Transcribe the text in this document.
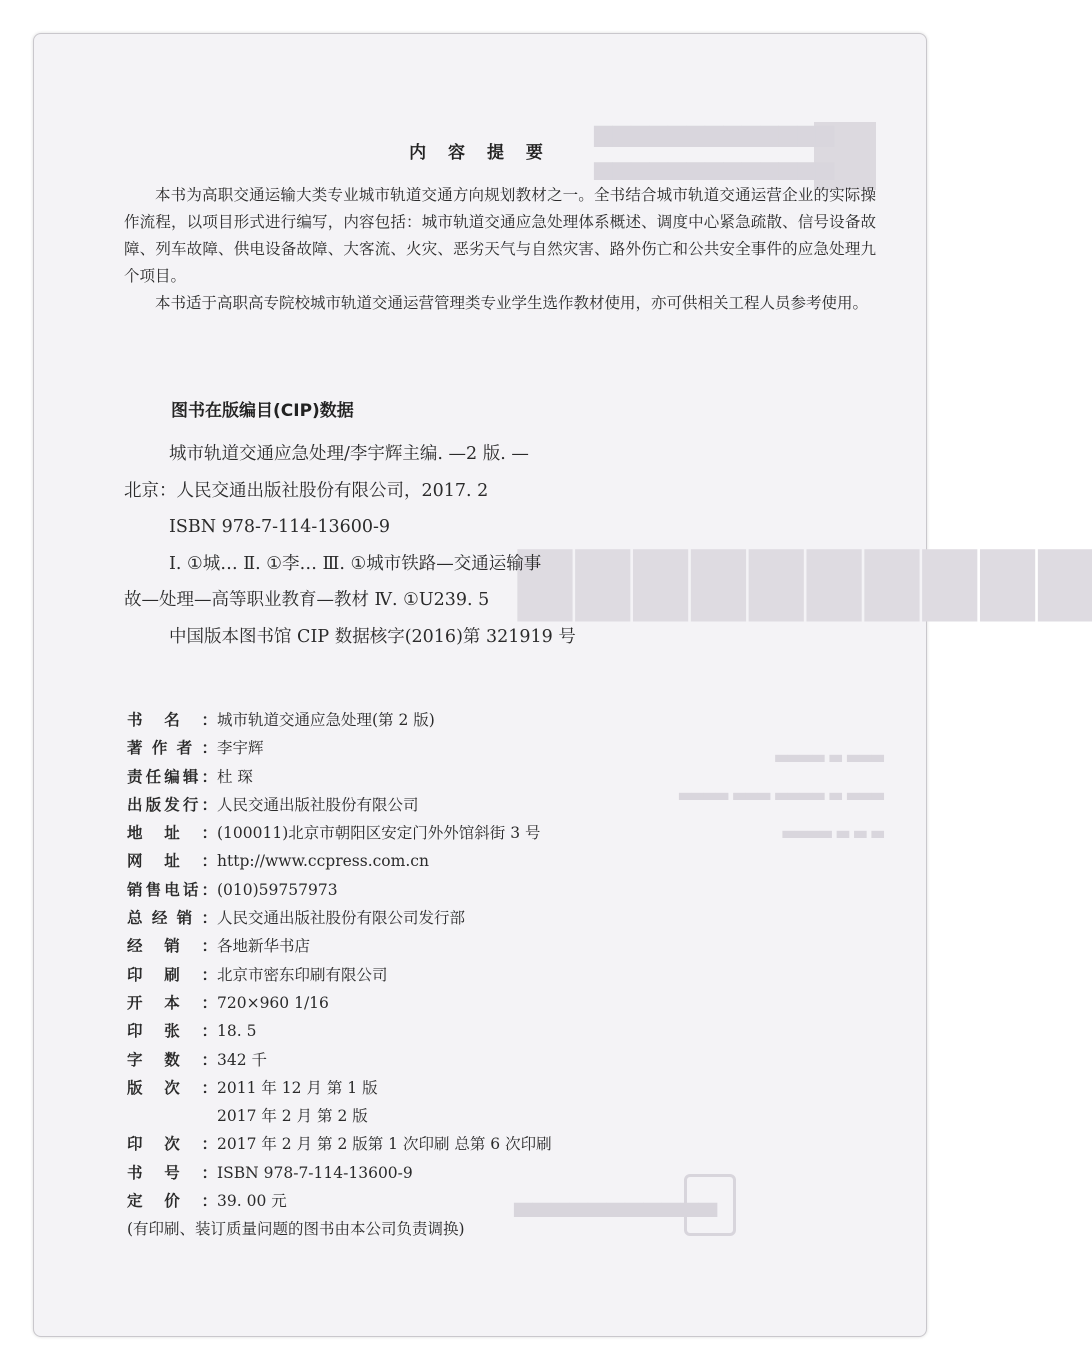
▇▇▇▇▇▇▇▇▇▇
▆▆▆▆▆▆▆▆▆▆▆▆▆
▅▅▅▅▅▅▅▅▅▅▅▅▅
▃▃▃ ▃ ▃▃▃▃
▃▃▃ ▃ ▃▃▃▃ ▃▃▃ ▃▃▃▃
▃ ▃ ▃ ▃▃▃▃
▄▄▄▄▄▄▄▄▄▄▄
内 容 提 要

本书为高职交通运输大类专业城市轨道交通方向规划教材之一。全书结合城市轨道交通运营企业的实际操作流程，以项目形式进行编写，内容包括：城市轨道交通应急处理体系概述、调度中心紧急疏散、信号设备故障、列车故障、供电设备故障、大客流、火灾、恶劣天气与自然灾害、路外伤亡和公共安全事件的应急处理九个项目。

本书适于高职高专院校城市轨道交通运营管理类专业学生选作教材使用，亦可供相关工程人员参考使用。

图书在版编目(CIP)数据
城市轨道交通应急处理/李宇辉主编. —2 版. —
北京：人民交通出版社股份有限公司，2017. 2
ISBN 978-7-114-13600-9
Ⅰ. ①城… Ⅱ. ①李… Ⅲ. ①城市铁路—交通运输事
故—处理—高等职业教育—教材 Ⅳ. ①U239. 5
中国版本图书馆 CIP 数据核字(2016)第 321919 号
书 名 ： 城市轨道交通应急处理(第 2 版)
著 作 者 ： 李宇辉
责 任 编 辑 ： 杜 琛
出 版 发 行 ： 人民交通出版社股份有限公司
地 址 ： (100011)北京市朝阳区安定门外外馆斜街 3 号
网 址 ： http://www.ccpress.com.cn
销 售 电 话 ： (010)59757973
总 经 销 ： 人民交通出版社股份有限公司发行部
经 销 ： 各地新华书店
印 刷 ： 北京市密东印刷有限公司
开 本 ： 720×960 1/16
印 张 ： 18. 5
字 数 ： 342 千
版 次 ： 2011 年 12 月 第 1 版
2017 年 2 月 第 2 版
印 次 ： 2017 年 2 月 第 2 版第 1 次印刷 总第 6 次印刷
书 号 ： ISBN 978-7-114-13600-9
定 价 ： 39. 00 元
(有印刷、装订质量问题的图书由本公司负责调换)
